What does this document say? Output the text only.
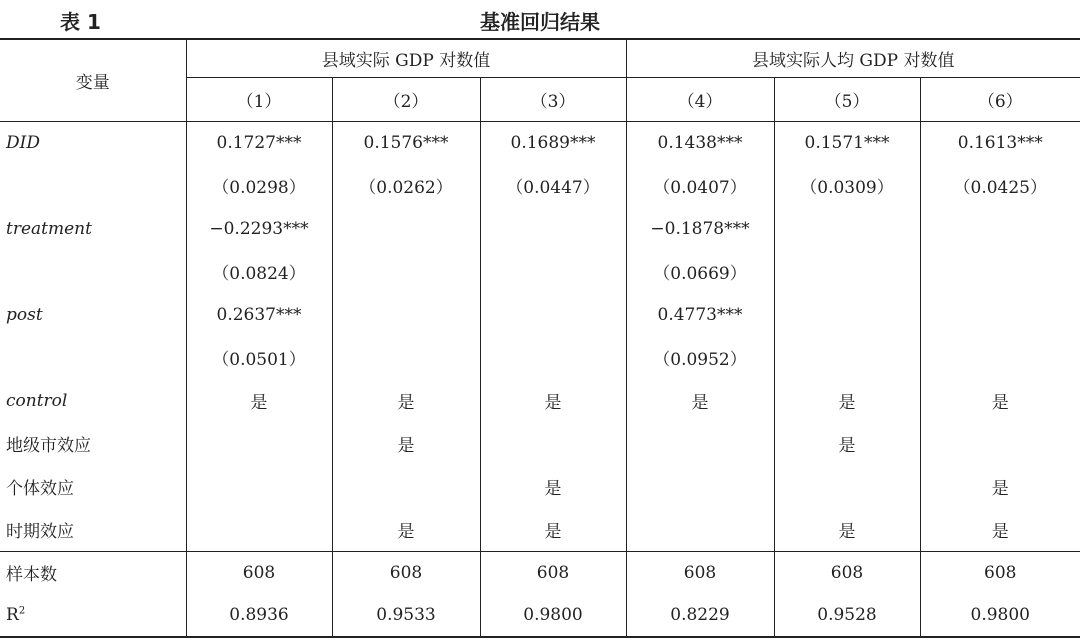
表 1	基准回归结果
变量	县域实际 GDP 对数值			县域实际人均 GDP 对数值		
	（1）	（2）	（3）	（4）	（5）	（6）
DID	0.1727***	0.1576***	0.1689***	0.1438***	0.1571***	0.1613***
	（0.0298）	（0.0262）	（0.0447）	（0.0407）	（0.0309）	（0.0425）
treatment	−0.2293***			−0.1878***		
	（0.0824）			（0.0669）		
post	0.2637***			0.4773***		
	（0.0501）			（0.0952）		
control	是	是	是	是	是	是
地级市效应		是			是	
个体效应			是			是
时期效应		是	是		是	是
样本数	608	608	608	608	608	608
$R^2$	0.8936	0.9533	0.9800	0.8229	0.9528	0.9800
